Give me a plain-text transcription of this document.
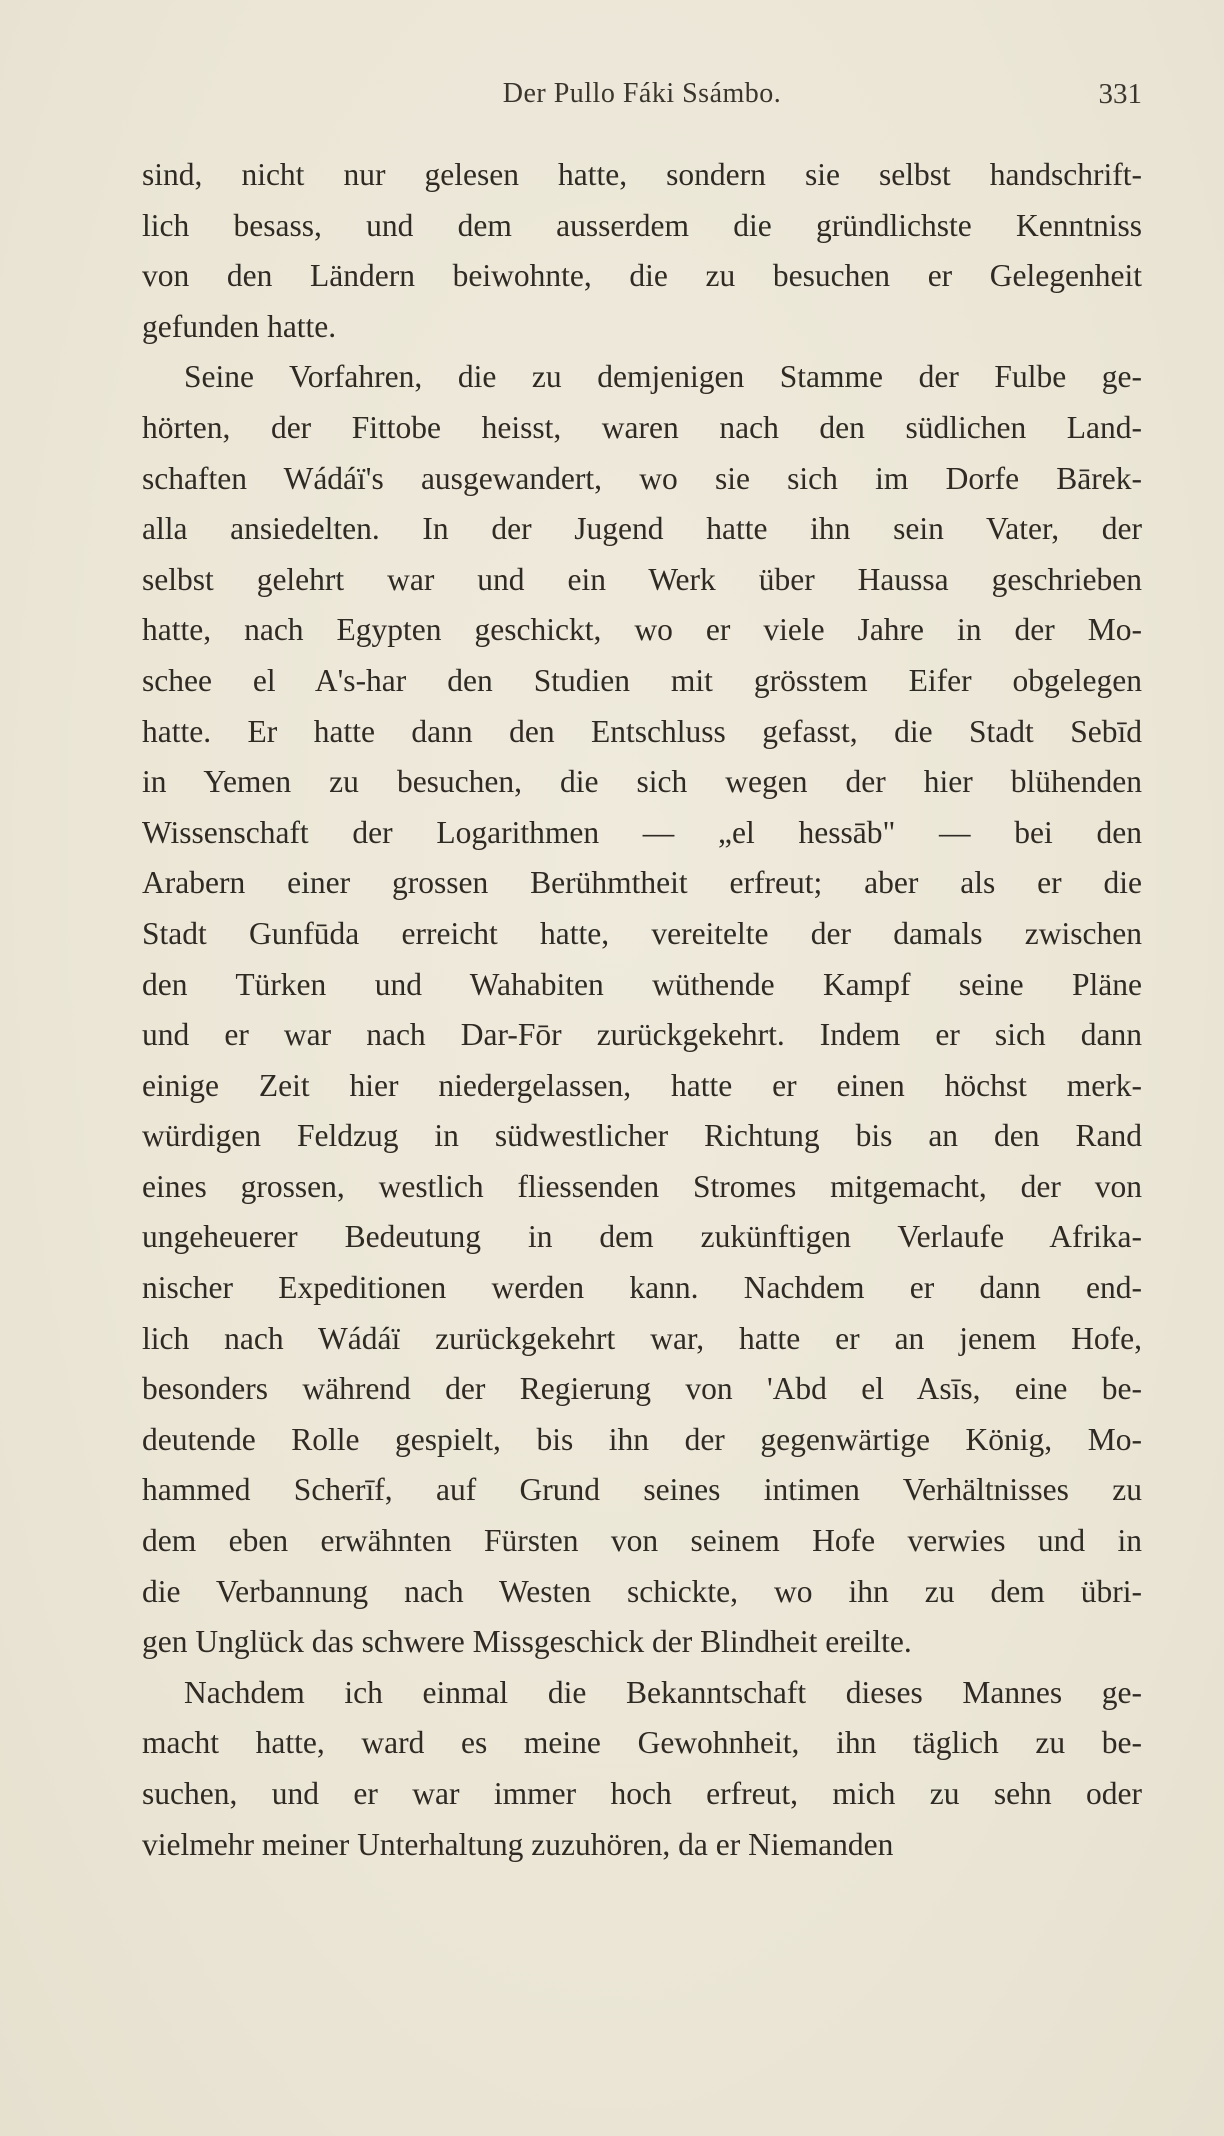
Der Pullo Fáki Ssámbo.	331
sind, nicht nur gelesen hatte, sondern sie selbst handschrift-
lich besass, und dem ausserdem die gründlichste Kenntniss
von den Ländern beiwohnte, die zu besuchen er Gelegenheit
gefunden hatte.
Seine Vorfahren, die zu demjenigen Stamme der Fulbe ge-
hörten, der Fittobe heisst, waren nach den südlichen Land-
schaften Wádáï's ausgewandert, wo sie sich im Dorfe Bārek-
alla ansiedelten. In der Jugend hatte ihn sein Vater, der
selbst gelehrt war und ein Werk über Haussa geschrieben
hatte, nach Egypten geschickt, wo er viele Jahre in der Mo-
schee el A's-har den Studien mit grösstem Eifer obgelegen
hatte. Er hatte dann den Entschluss gefasst, die Stadt Sebīd
in Yemen zu besuchen, die sich wegen der hier blühenden
Wissenschaft der Logarithmen — „el hessāb" — bei den
Arabern einer grossen Berühmtheit erfreut; aber als er die
Stadt Gunfūda erreicht hatte, vereitelte der damals zwischen
den Türken und Wahabiten wüthende Kampf seine Pläne
und er war nach Dar-Fōr zurückgekehrt. Indem er sich dann
einige Zeit hier niedergelassen, hatte er einen höchst merk-
würdigen Feldzug in südwestlicher Richtung bis an den Rand
eines grossen, westlich fliessenden Stromes mitgemacht, der von
ungeheuerer Bedeutung in dem zukünftigen Verlaufe Afrika-
nischer Expeditionen werden kann. Nachdem er dann end-
lich nach Wádáï zurückgekehrt war, hatte er an jenem Hofe,
besonders während der Regierung von 'Abd el Asīs, eine be-
deutende Rolle gespielt, bis ihn der gegenwärtige König, Mo-
hammed Scherīf, auf Grund seines intimen Verhältnisses zu
dem eben erwähnten Fürsten von seinem Hofe verwies und in
die Verbannung nach Westen schickte, wo ihn zu dem übri-
gen Unglück das schwere Missgeschick der Blindheit ereilte.
Nachdem ich einmal die Bekanntschaft dieses Mannes ge-
macht hatte, ward es meine Gewohnheit, ihn täglich zu be-
suchen, und er war immer hoch erfreut, mich zu sehn oder
vielmehr meiner Unterhaltung zuzuhören, da er Niemanden
